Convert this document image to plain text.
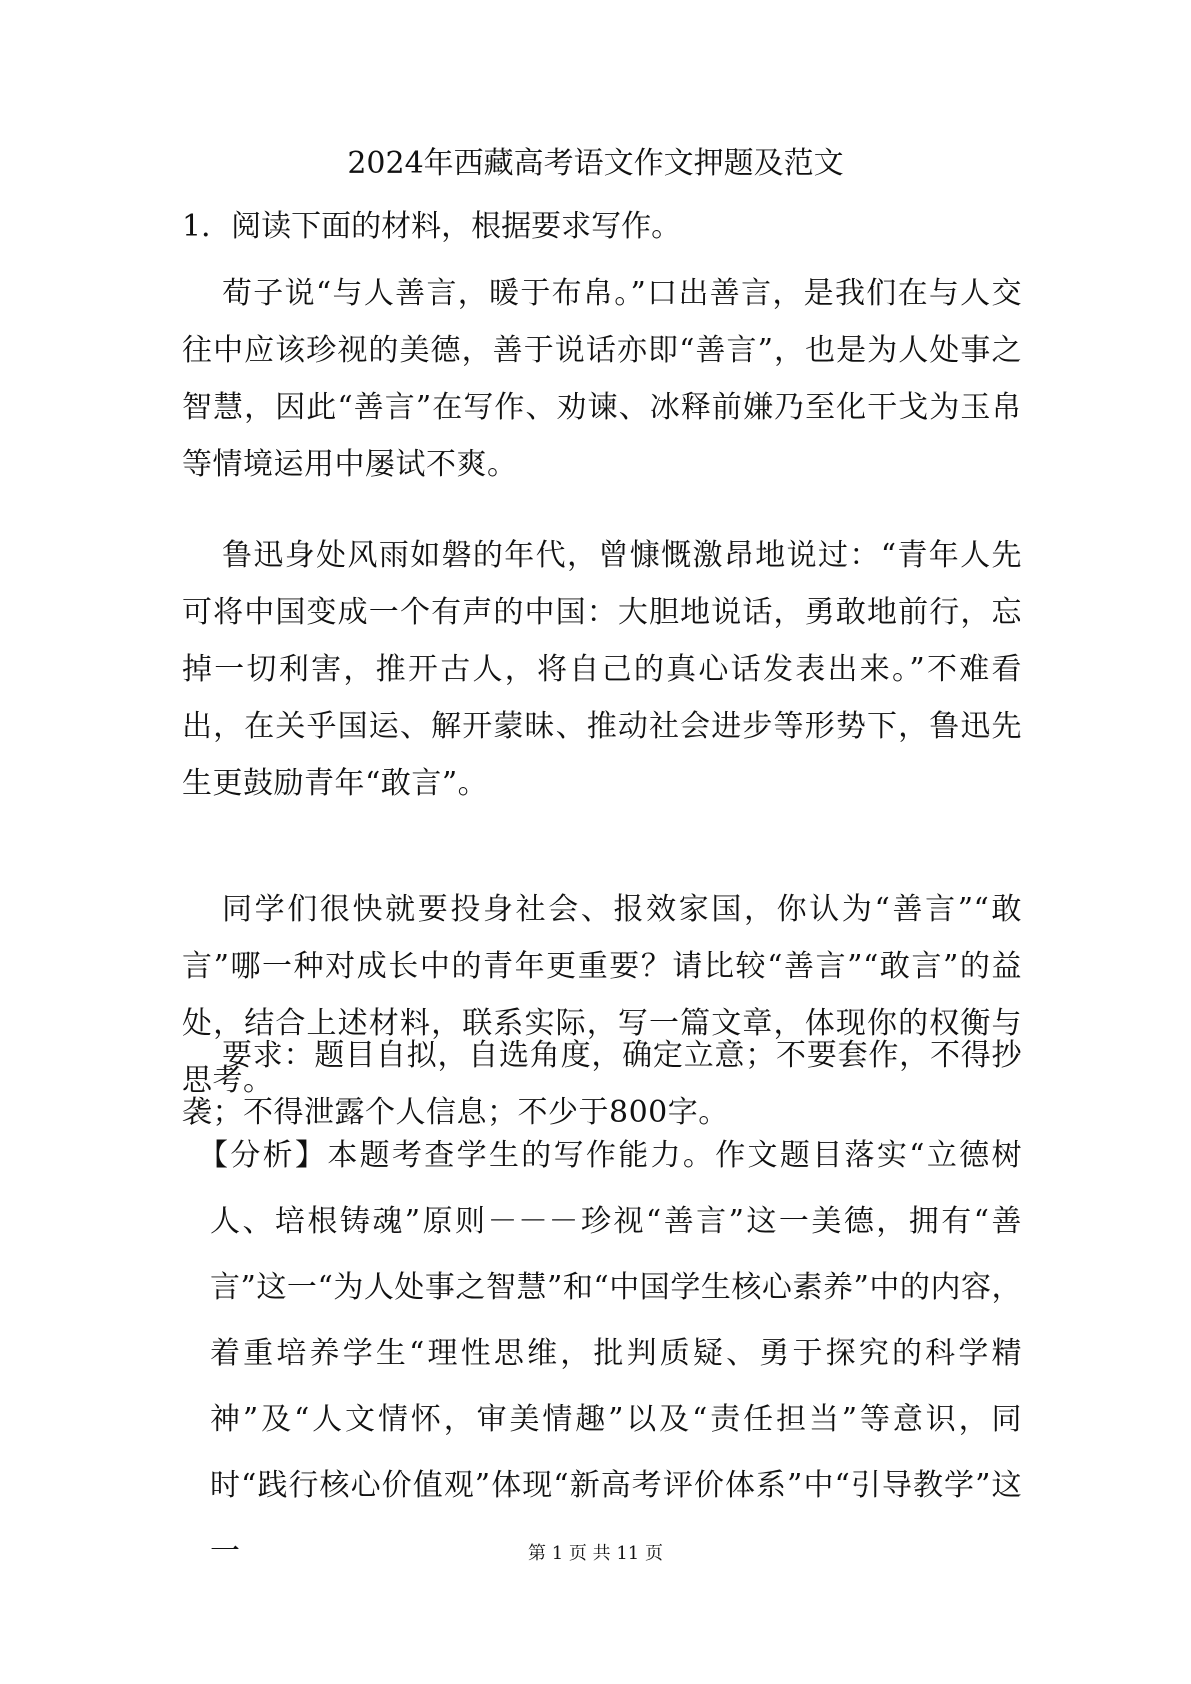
2024年西藏高考语文作文押题及范文

1．阅读下面的材料，根据要求写作。

荀子说“与人善言，暖于布帛。”口出善言，是我们在与人交往中应该珍视的美德，善于说话亦即“善言”，也是为人处事之智慧，因此“善言”在写作、劝谏、冰释前嫌乃至化干戈为玉帛等情境运用中屡试不爽。

鲁迅身处风雨如磐的年代，曾慷慨激昂地说过：“青年人先可将中国变成一个有声的中国：大胆地说话，勇敢地前行，忘掉一切利害，推开古人，将自己的真心话发表出来。”不难看出，在关乎国运、解开蒙昧、推动社会进步等形势下，鲁迅先生更鼓励青年“敢言”。

同学们很快就要投身社会、报效家国，你认为“善言”“敢言”哪一种对成长中的青年更重要？请比较“善言”“敢言”的益处，结合上述材料，联系实际，写一篇文章，体现你的权衡与思考。

要求：题目自拟，自选角度，确定立意；不要套作，不得抄袭；不得泄露个人信息；不少于800字。

【分析】本题考查学生的写作能力。作文题目落实“立德树人、培根铸魂”原则－－－珍视“善言”这一美德，拥有“善言”这一“为人处事之智慧”和“中国学生核心素养”中的内容，着重培养学生“理性思维，批判质疑、勇于探究的科学精神”及“人文情怀，审美情趣”以及“责任担当”等意识，同时“践行核心价值观”体现“新高考评价体系”中“引导教学”这一	第 1 页 共 11 页
